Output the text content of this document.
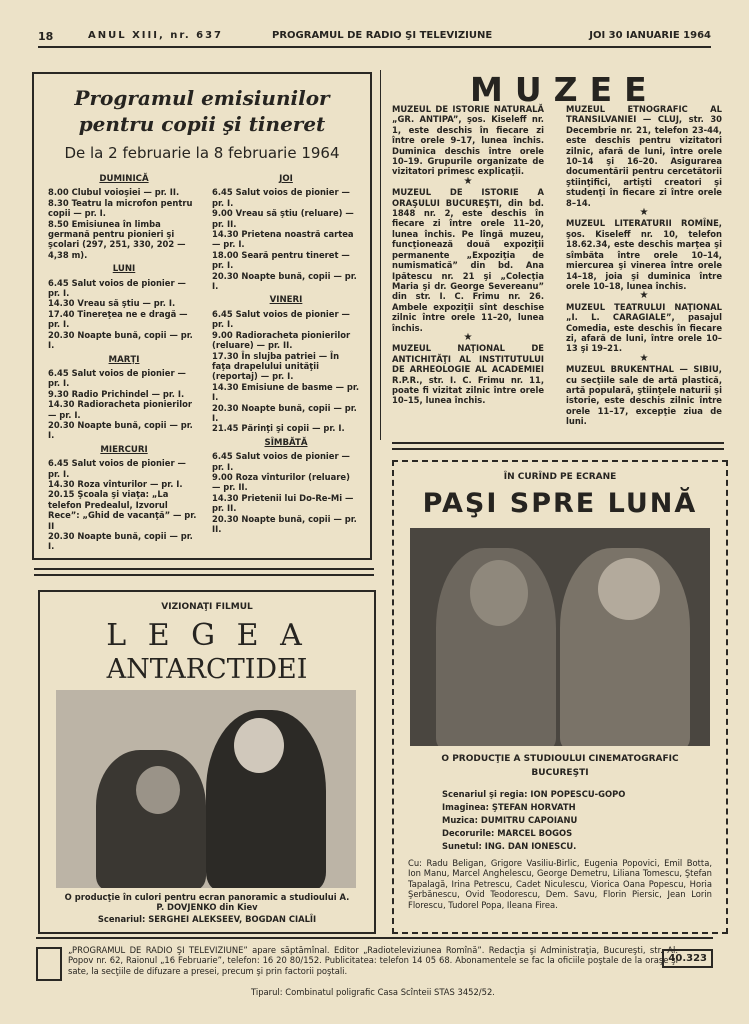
18	ANUL XIII, nr. 637	PROGRAMUL DE RADIO ŞI TELEVIZIUNE	JOI 30 IANUARIE 1964
Programul emisiunilor
pentru copii şi tineret
De la 2 februarie la 8 februarie 1964
DUMINICĂ
8.00 Clubul voioşiei — pr. II.
8.30 Teatru la microfon pentru copii — pr. I.
8.50 Emisiunea în limba germană pentru pionieri şi şcolari (297, 251, 330, 202 — 4,38 m).
LUNI
6.45 Salut voios de pionier — pr. I.
14.30 Vreau să ştiu — pr. I.
17.40 Tinereţea ne e dragă — pr. I.
20.30 Noapte bună, copii — pr. I.
MARŢI
6.45 Salut voios de pionier — pr. I.
9.30 Radio Prichindel — pr. I.
14.30 Radioracheta pionierilor — pr. I.
20.30 Noapte bună, copii — pr. I.
MIERCURI
6.45 Salut voios de pionier — pr. I.
14.30 Roza vînturilor — pr. I.
20.15 Şcoala şi viaţa: „La telefon Predealul, Izvorul Rece”: „Ghid de vacanţă” — pr. II
20.30 Noapte bună, copii — pr. I.
JOI
6.45 Salut voios de pionier — pr. I.
9.00 Vreau să ştiu (reluare) — pr. II.
14.30 Prietena noastră cartea — pr. I.
18.00 Seară pentru tineret — pr. I.
20.30 Noapte bună, copii — pr. I.
VINERI
6.45 Salut voios de pionier — pr. I.
9.00 Radioracheta pionierilor (reluare) — pr. II.
17.30 În slujba patriei — În faţa drapelului unităţii (reportaj) — pr. I.
14.30 Emisiune de basme — pr. I.
20.30 Noapte bună, copii — pr. I.
21.45 Părinţi şi copii — pr. I.
SÎMBĂTĂ
6.45 Salut voios de pionier — pr. I.
9.00 Roza vînturilor (reluare) — pr. II.
14.30 Prietenii lui Do-Re-Mi — pr. II.
20.30 Noapte bună, copii — pr. II.
MUZEE
MUZEUL DE ISTORIE NATURALĂ „GR. ANTIPA”, şos. Kiseleff nr. 1, este deschis în fiecare zi între orele 9–17, lunea închis. Duminica deschis între orele 10–19. Grupurile organizate de vizitatori primesc explicaţii.
★
MUZEUL DE ISTORIE A ORAŞULUI BUCUREŞTI, din bd. 1848 nr. 2, este deschis în fiecare zi între orele 11–20, lunea închis. Pe lîngă muzeu, funcţionează două expoziţii permanente „Expoziţia de numismatică” din bd. Ana Ipătescu nr. 21 şi „Colecţia Maria şi dr. George Severeanu” din str. I. C. Frimu nr. 26. Ambele expoziţii sînt deschise zilnic între orele 11–20, lunea închis.
★
MUZEUL NAŢIONAL DE ANTICHITĂŢI AL INSTITUTULUI DE ARHEOLOGIE AL ACADEMIEI R.P.R., str. I. C. Frimu nr. 11, poate fi vizitat zilnic între orele 10–15, lunea închis.
MUZEUL ETNOGRAFIC AL TRANSILVANIEI — CLUJ, str. 30 Decembrie nr. 21, telefon 23-44, este deschis pentru vizitatori zilnic, afară de luni, între orele 10–14 şi 16–20. Asigurarea documentării pentru cercetătorii ştiinţifici, artişti creatori şi studenţi în fiecare zi între orele 8–14.
★
MUZEUL LITERATURII ROMÎNE, şos. Kiseleff nr. 10, telefon 18.62.34, este deschis marţea şi sîmbăta între orele 10–14, miercurea şi vinerea între orele 14–18, joia şi duminica între orele 10–18, lunea închis.
★
MUZEUL TEATRULUI NAŢIONAL „I. L. CARAGIALE”, pasajul Comedia, este deschis în fiecare zi, afară de luni, între orele 10–13 şi 19–21.
★
MUZEUL BRUKENTHAL — SIBIU, cu secţiile sale de artă plastică, artă populară, ştiinţele naturii şi istorie, este deschis zilnic între orele 11–17, excepţie ziua de luni.
VIZIONAŢI FILMUL
L E G E A
ANTARCTIDEI
O producţie în culori pentru ecran panoramic a studioului A. P. DOVJENKO din Kiev
Scenariul: SERGHEI ALEKSEEV, BOGDAN CIALÎI
ÎN CURÎND PE ECRANE
PAŞI SPRE LUNĂ
O PRODUCŢIE A STUDIOULUI CINEMATOGRAFIC
BUCUREŞTI
Scenariul şi regia: ION POPESCU-GOPO
Imaginea: ŞTEFAN HORVATH
Muzica: DUMITRU CAPOIANU
Decorurile: MARCEL BOGOS
Sunetul: ING. DAN IONESCU.
Cu: Radu Beligan, Grigore Vasiliu-Birlic, Eugenia Popovici, Emil Botta, Ion Manu, Marcel Anghelescu, George Demetru, Liliana Tomescu, Ştefan Tapalagă, Irina Petrescu, Cadet Niculescu, Viorica Oana Popescu, Horia Şerbănescu, Ovid Teodorescu, Dem. Savu, Florin Piersic, Jean Lorin Florescu, Tudorel Popa, Ileana Firea.
„PROGRAMUL DE RADIO ŞI TELEVIZIUNE” apare săptămînal. Editor „Radioteleviziunea Romînă”. Redacţia şi Administraţia, Bucureşti, str. Al. Popov nr. 62, Raionul „16 Februarie”, telefon: 16 20 80/152. Publicitatea: telefon 14 05 68. Abonamentele se fac la oficiile poştale de la oraşe şi sate, la secţiile de difuzare a presei, precum şi prin factorii poştali.
Tiparul: Combinatul poligrafic Casa Scînteii STAS 3452/52.
40.323
